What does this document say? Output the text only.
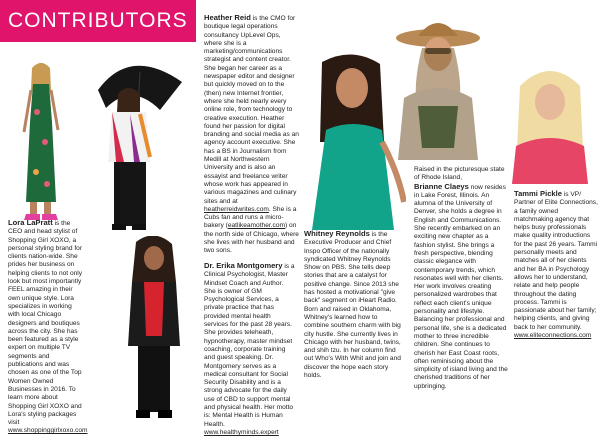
CONTRIBUTORS Heather Reid is the CMO for boutique legal operations consultancy UpLevel Ops, where she is a marketing/communications strategist and content creator. She began her career as a newspaper editor and designer but quickly moved on to the (then) new Internet frontier, where she held nearly every online role, from technology to creative execution. Heather found her passion for digital branding and social media as an agency account executive. She has a BS in Journalism from Medill at Northwestern University and is also an essayist and freelance writer whose work has appeared in various magazines and culinary sites and at heatherreidwrites.com. She is a Cubs fan and runs a micro-bakery (eatlikeamother.com) on the north side of Chicago, where she lives with her husband and two sons.

Dr. Erika Montgomery is a Clinical Psychologist, Master Mindset Coach and Author. She is owner of GM Psychological Services, a private practice that has provided mental health services for the past 28 years. She provides teleheath, hypnotherapy, master mindset coaching, corporate training and guest speaking. Dr. Montgomery serves as a medical consultant for Social Security Disability and is a strong advocate for the daily use of CBD to support mental and physical health. Her motto is: Mental Health is Human Health.
www.healthyminds.expert

Lora LaPratt is the CEO and head stylist of Shopping Girl XOXO, a personal styling brand for clients nation-wide. She prides her business on helping clients to not only look but most importantly FEEL amazing in their own unique style. Lora specializes in working with local Chicago designers and boutiques across the city. She has been featured as a style expert on multiple TV segments and publications and was chosen as one of the Top Women Owned Businesses in 2016. To learn more about Shopping Girl XOXO and Lora's styling packages visit
www.shoppinggirlxoxo.com

Whitney Reynolds is the Executive Producer and Chief Inspo Officer of the nationally syndicated Whitney Reynolds Show on PBS. She tells deep stories that are a catalyst for positive change. Since 2013 she has hosted a motivational "give back" segment on iHeart Radio. Born and raised in Oklahoma, Whitney's learned how to combine southern charm with big city hustle. She currently lives in Chicago with her husband, twins, and shih tzu. In her column find out Who's With Whit and join and discover the hope each story holds.

Raised in the picturesque state of Rhode Island,
Brianne Claeys now resides in Lake Forest, Illinois. An alumna of the University of Denver, she holds a degree in English and Communications. She recently embarked on an exciting new chapter as a fashion stylist. She brings a fresh perspective, blending classic elegance with contemporary trends, which resonates well with her clients. Her work involves creating personalized wardrobes that reflect each client's unique personality and lifestyle. Balancing her professional and personal life, she is a dedicated mother to three incredible children. She continues to cherish her East Coast roots, often reminiscing about the simplicity of island living and the cherished traditions of her upbringing.

Tammi Pickle is VP/ Partner of Elite Connections, a family owned matchmaking agency that helps busy professionals make quality introductions for the past 26 years. Tammi personally meets and matches all of her clients and her BA in Psychology allows her to understand, relate and help people throughout the dating process. Tammi is passionate about her family; helping clients, and giving back to her community.
www.eliteconnections.com
